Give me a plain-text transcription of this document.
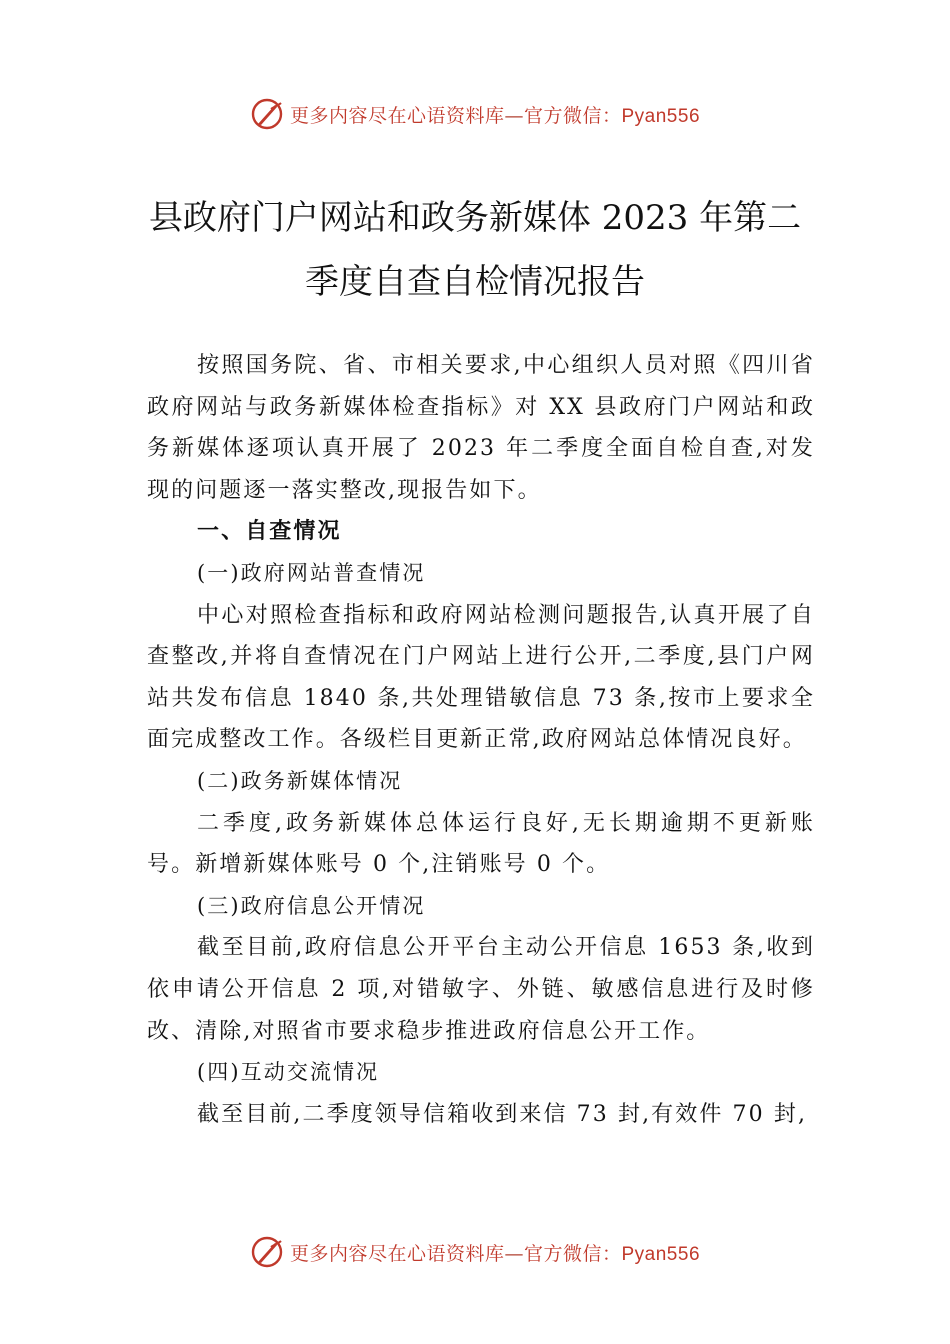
更多内容尽在心语资料库—官方微信：Pyan556
县政府门户网站和政务新媒体 2023 年第二
季度自查自检情况报告

按照国务院、省、市相关要求,中心组织人员对照《四川省政府网站与政务新媒体检查指标》对 XX 县政府门户网站和政务新媒体逐项认真开展了 2023 年二季度全面自检自查,对发现的问题逐一落实整改,现报告如下。

一、自查情况

(一)政府网站普查情况

中心对照检查指标和政府网站检测问题报告,认真开展了自查整改,并将自查情况在门户网站上进行公开,二季度,县门户网站共发布信息 1840 条,共处理错敏信息 73 条,按市上要求全面完成整改工作。各级栏目更新正常,政府网站总体情况良好。

(二)政务新媒体情况

二季度,政务新媒体总体运行良好,无长期逾期不更新账号。新增新媒体账号 0 个,注销账号 0 个。

(三)政府信息公开情况

截至目前,政府信息公开平台主动公开信息 1653 条,收到依申请公开信息 2 项,对错敏字、外链、敏感信息进行及时修改、清除,对照省市要求稳步推进政府信息公开工作。

(四)互动交流情况

截至目前,二季度领导信箱收到来信 73 封,有效件 70 封,

更多内容尽在心语资料库—官方微信：Pyan556
